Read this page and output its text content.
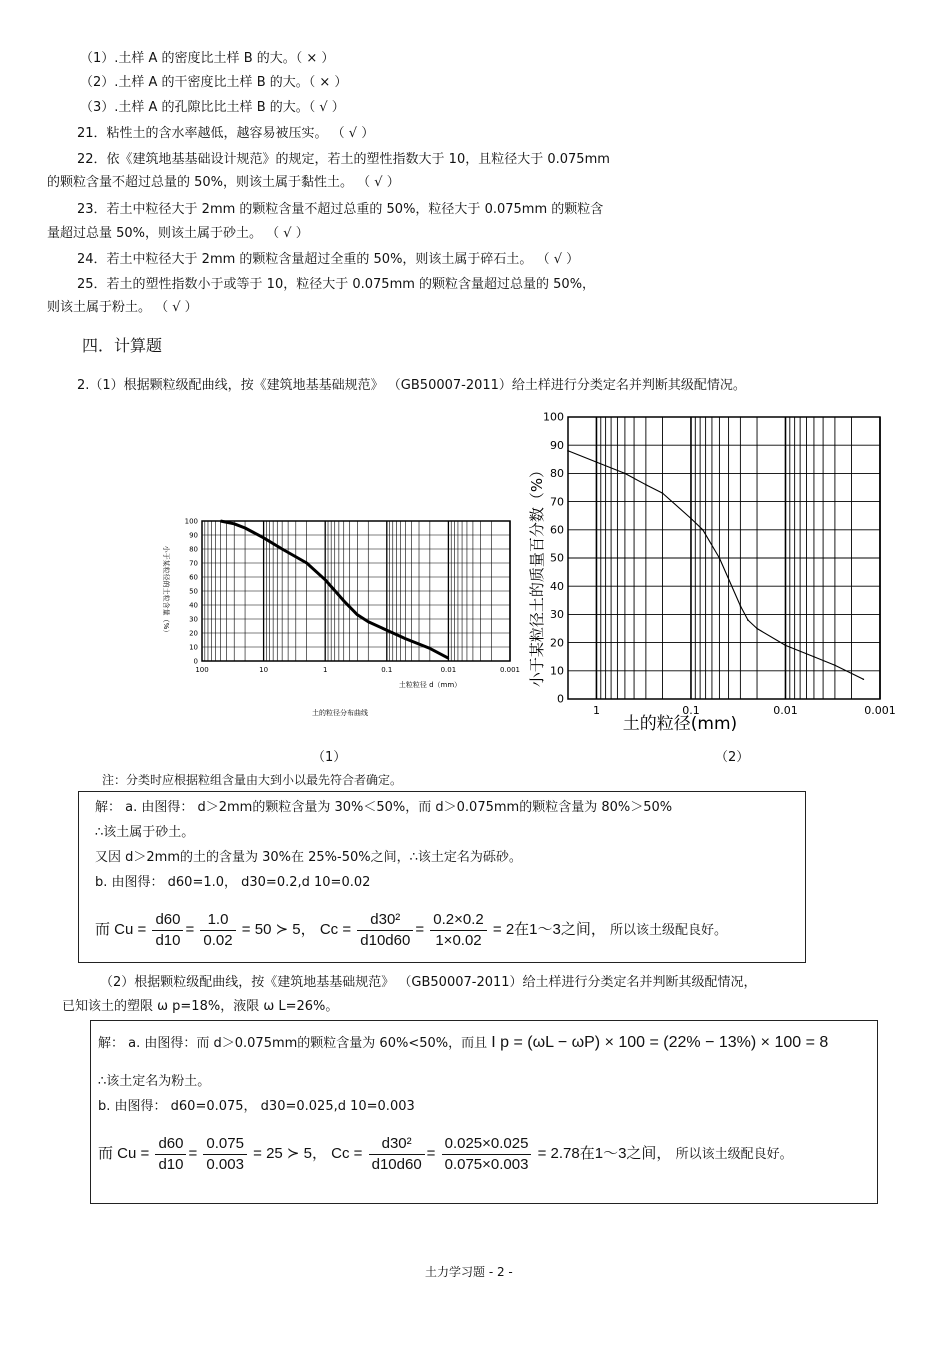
（1）.土样 A 的密度比土样 B 的大。（ × ）
（2）.土样 A 的干密度比土样 B 的大。（ × ）
（3）.土样 A 的孔隙比比土样 B 的大。（ √ ）
21．粘性土的含水率越低，越容易被压实。 （ √ ）
22．依《建筑地基基础设计规范》的规定，若土的塑性指数大于 10，且粒径大于 0.075mm
的颗粒含量不超过总量的 50%，则该土属于黏性土。 （ √ ）
23．若土中粒径大于 2mm 的颗粒含量不超过总重的 50%，粒径大于 0.075mm 的颗粒含
量超过总量 50%，则该土属于砂土。 （ √ ）
24．若土中粒径大于 2mm 的颗粒含量超过全重的 50%，则该土属于碎石土。 （ √ ）
25．若土的塑性指数小于或等于 10，粒径大于 0.075mm 的颗粒含量超过总量的 50%，
则该土属于粉土。 （ √ ）
四．计算题
2.（1）根据颗粒级配曲线，按《建筑地基基础规范》 （GB50007-2011）给土样进行分类定名并判断其级配情况。
0
10
20
30
40
50
60
70
80
90
100
100	10	1	0.1	0.01	0.001
土粒粒径 d（mm）
土的粒径分布曲线
小于某粒径的土粒含量（%）
0
10
20
30
40
50
60
70
80
90
100
1	0.1	0.01	0.001
土的粒径(mm)
小于某粒径土的质量百分数（%）
（1）	（2）
注：分类时应根据粒组含量由大到小以最先符合者确定。
解： a. 由图得： d＞2mm的颗粒含量为 30%＜50%，而 d＞0.075mm的颗粒含量为 80%＞50%
∴该土属于砂土。
又因 d＞2mm的土的含量为 30%在 25%-50%之间，∴该土定名为砾砂。
b. 由图得： d60=1.0， d30=0.2,d 10=0.02
而 $Cu = \frac{d60}{d10} = \frac{1.0}{0.02} = 50$ ≻ 5， $Cc = \frac{\text{d30²}}{d10d60} = \frac{0.2\times 0.2}{1\times 0.02} = 2$在1～3之间， 所以该土级配良好。
（2）根据颗粒级配曲线，按《建筑地基基础规范》 （GB50007-2011）给土样进行分类定名并判断其级配情况，
已知该土的塑限 ω p=18%，液限 ω L=26%。
解： a. 由图得：而 d＞0.075mm的颗粒含量为 60%<50%，而且 I p = (ωL − ωP) × 100 = (22% − 13%) × 100 = 8
∴该土定名为粉土。
b. 由图得： d60=0.075， d30=0.025,d 10=0.003
而 $Cu = \frac{d60}{d10} = \frac{0.075}{0.003} = 25$ ≻ 5， $Cc = \frac{\text{d30²}}{d10d60} = \frac{0.025\times 0.025}{0.075\times 0.003} = 2.78$在1～3之间， 所以该土级配良好。
土力学习题 - 2 -
